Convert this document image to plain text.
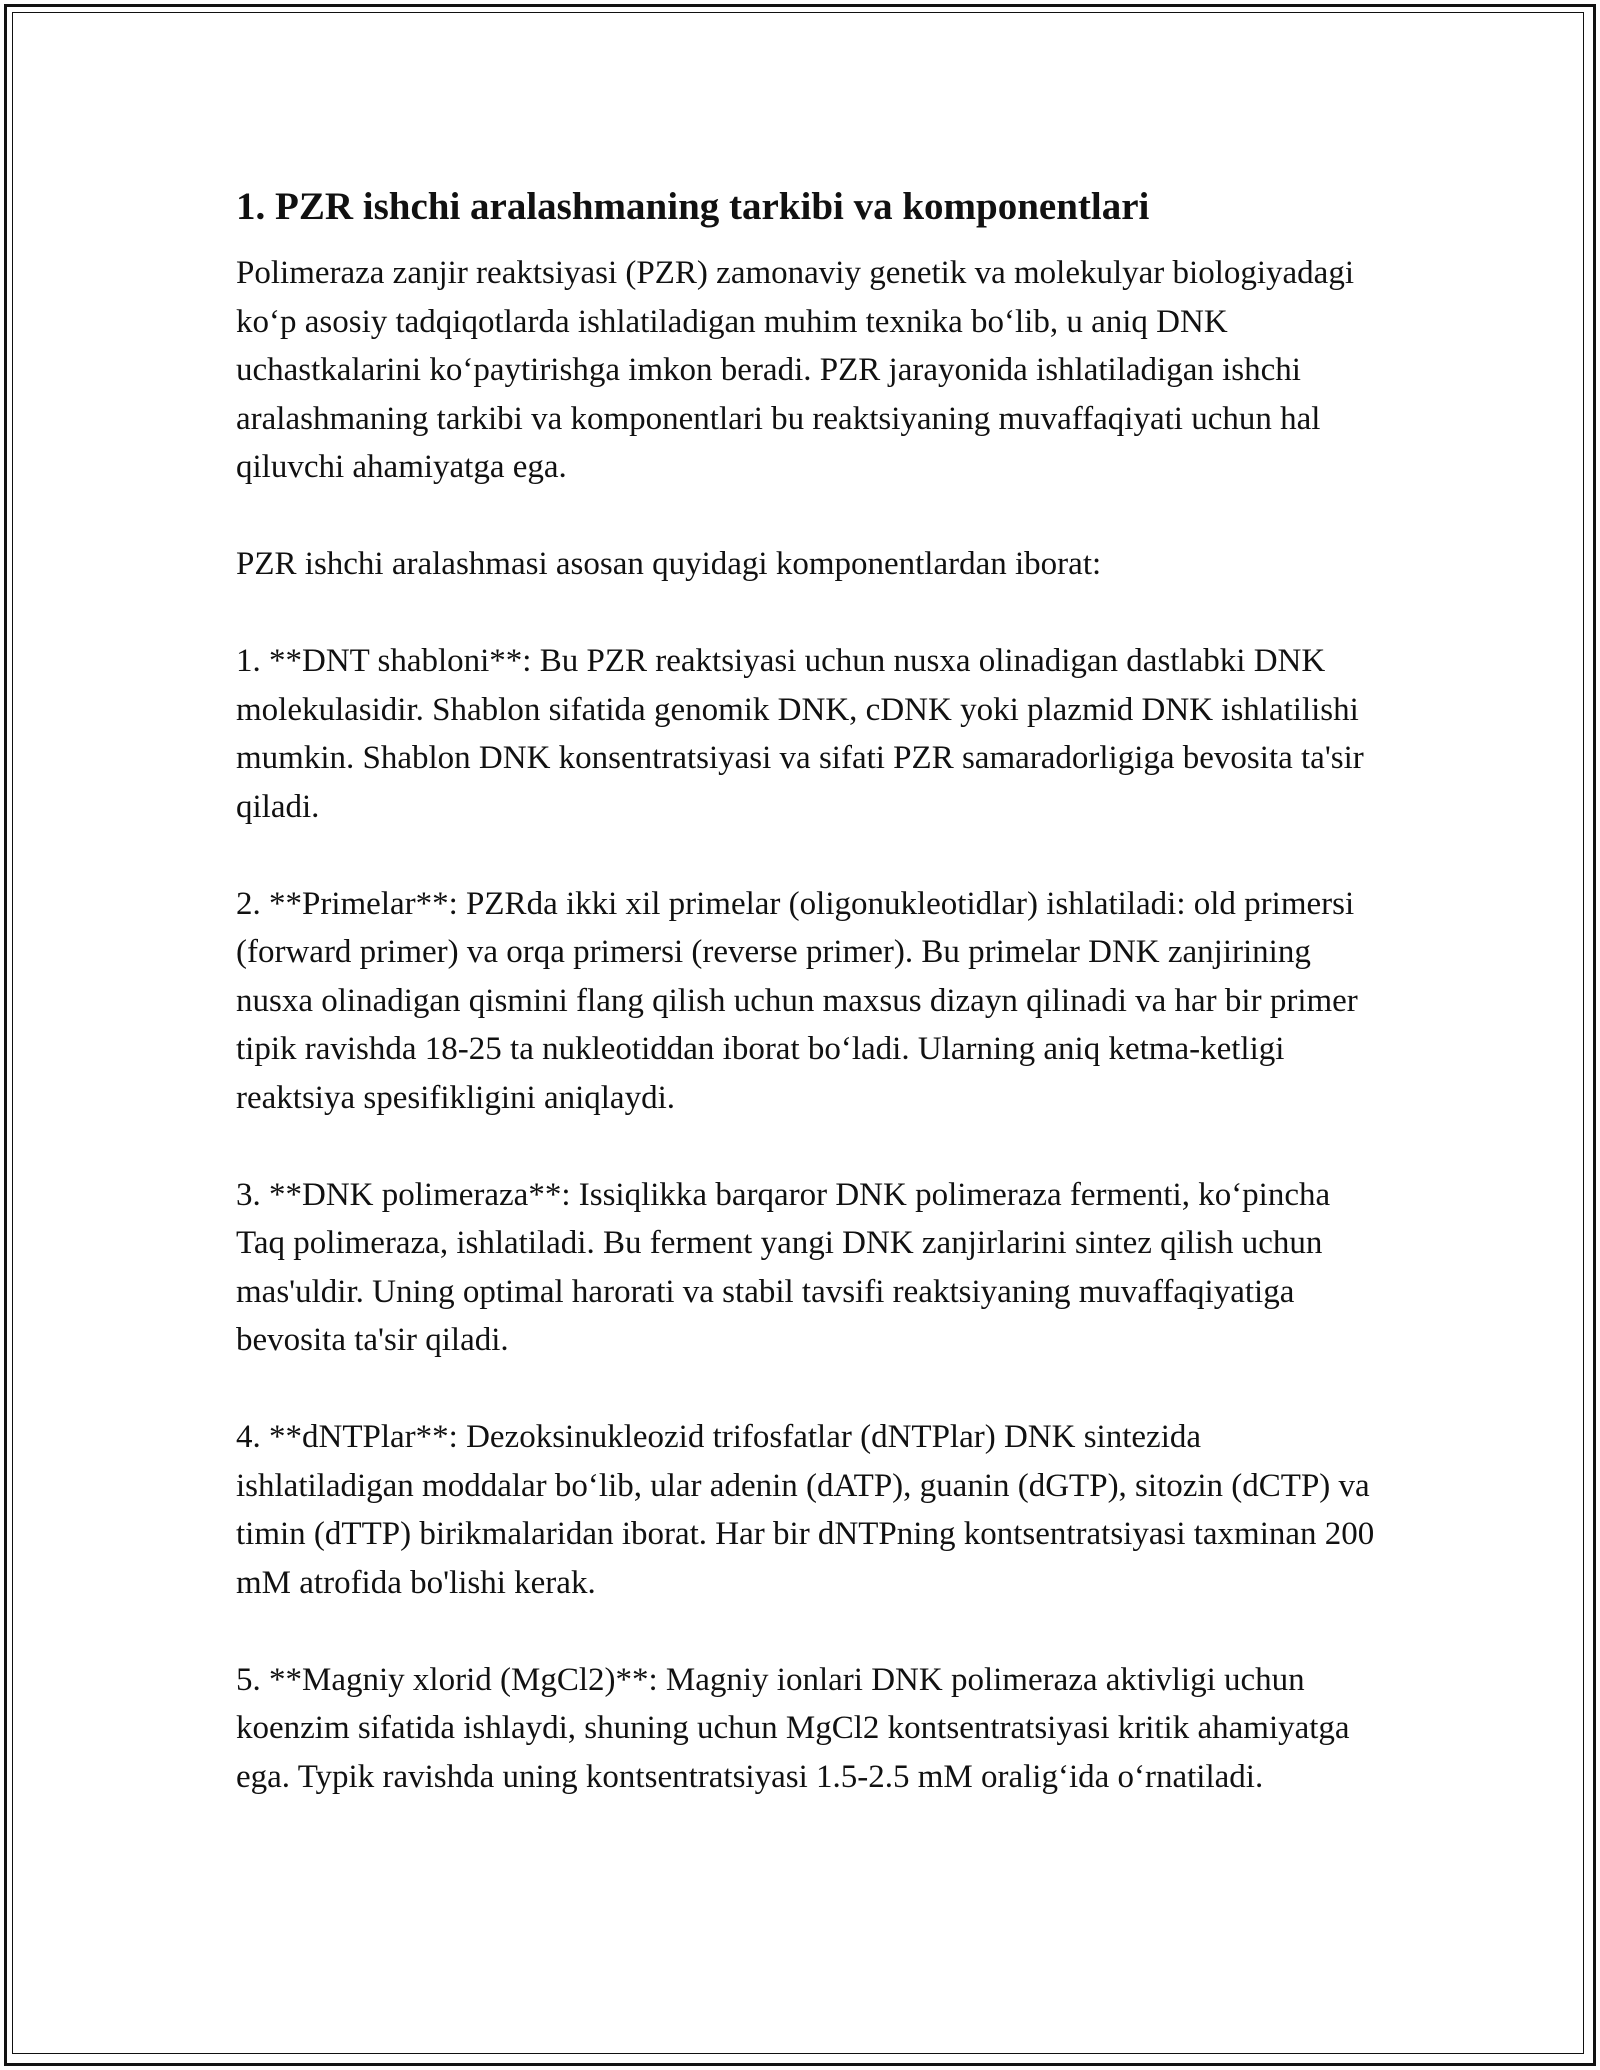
1. PZR ishchi aralashmaning tarkibi va komponentlari

Polimeraza zanjir reaktsiyasi (PZR) zamonaviy genetik va molekulyar biologiyadagi ko‘p asosiy tadqiqotlarda ishlatiladigan muhim texnika bo‘lib, u aniq DNK uchastkalarini ko‘paytirishga imkon beradi. PZR jarayonida ishlatiladigan ishchi aralashmaning tarkibi va komponentlari bu reaktsiyaning muvaffaqiyati uchun hal qiluvchi ahamiyatga ega.

PZR ishchi aralashmasi asosan quyidagi komponentlardan iborat:

1. **DNT shabloni**: Bu PZR reaktsiyasi uchun nusxa olinadigan dastlabki DNK molekulasidir. Shablon sifatida genomik DNK, cDNK yoki plazmid DNK ishlatilishi mumkin. Shablon DNK konsentratsiyasi va sifati PZR samaradorligiga bevosita ta'sir qiladi.

2. **Primelar**: PZRda ikki xil primelar (oligonukleotidlar) ishlatiladi: old primersi (forward primer) va orqa primersi (reverse primer). Bu primelar DNK zanjirining nusxa olinadigan qismini flang qilish uchun maxsus dizayn qilinadi va har bir primer tipik ravishda 18-25 ta nukleotiddan iborat bo‘ladi. Ularning aniq ketma-ketligi reaktsiya spesifikligini aniqlaydi.

3. **DNK polimeraza**: Issiqlikka barqaror DNK polimeraza fermenti, ko‘pincha Taq polimeraza, ishlatiladi. Bu ferment yangi DNK zanjirlarini sintez qilish uchun mas'uldir. Uning optimal harorati va stabil tavsifi reaktsiyaning muvaffaqiyatiga bevosita ta'sir qiladi.

4. **dNTPlar**: Dezoksinukleozid trifosfatlar (dNTPlar) DNK sintezida ishlatiladigan moddalar bo‘lib, ular adenin (dATP), guanin (dGTP), sitozin (dCTP) va timin (dTTP) birikmalaridan iborat. Har bir dNTPning kontsentratsiyasi taxminan 200 mM atrofida bo'lishi kerak.

5. **Magniy xlorid (MgCl2)**: Magniy ionlari DNK polimeraza aktivligi uchun koenzim sifatida ishlaydi, shuning uchun MgCl2 kontsentratsiyasi kritik ahamiyatga ega. Typik ravishda uning kontsentratsiyasi 1.5-2.5 mM oralig‘ida o‘rnatiladi.
